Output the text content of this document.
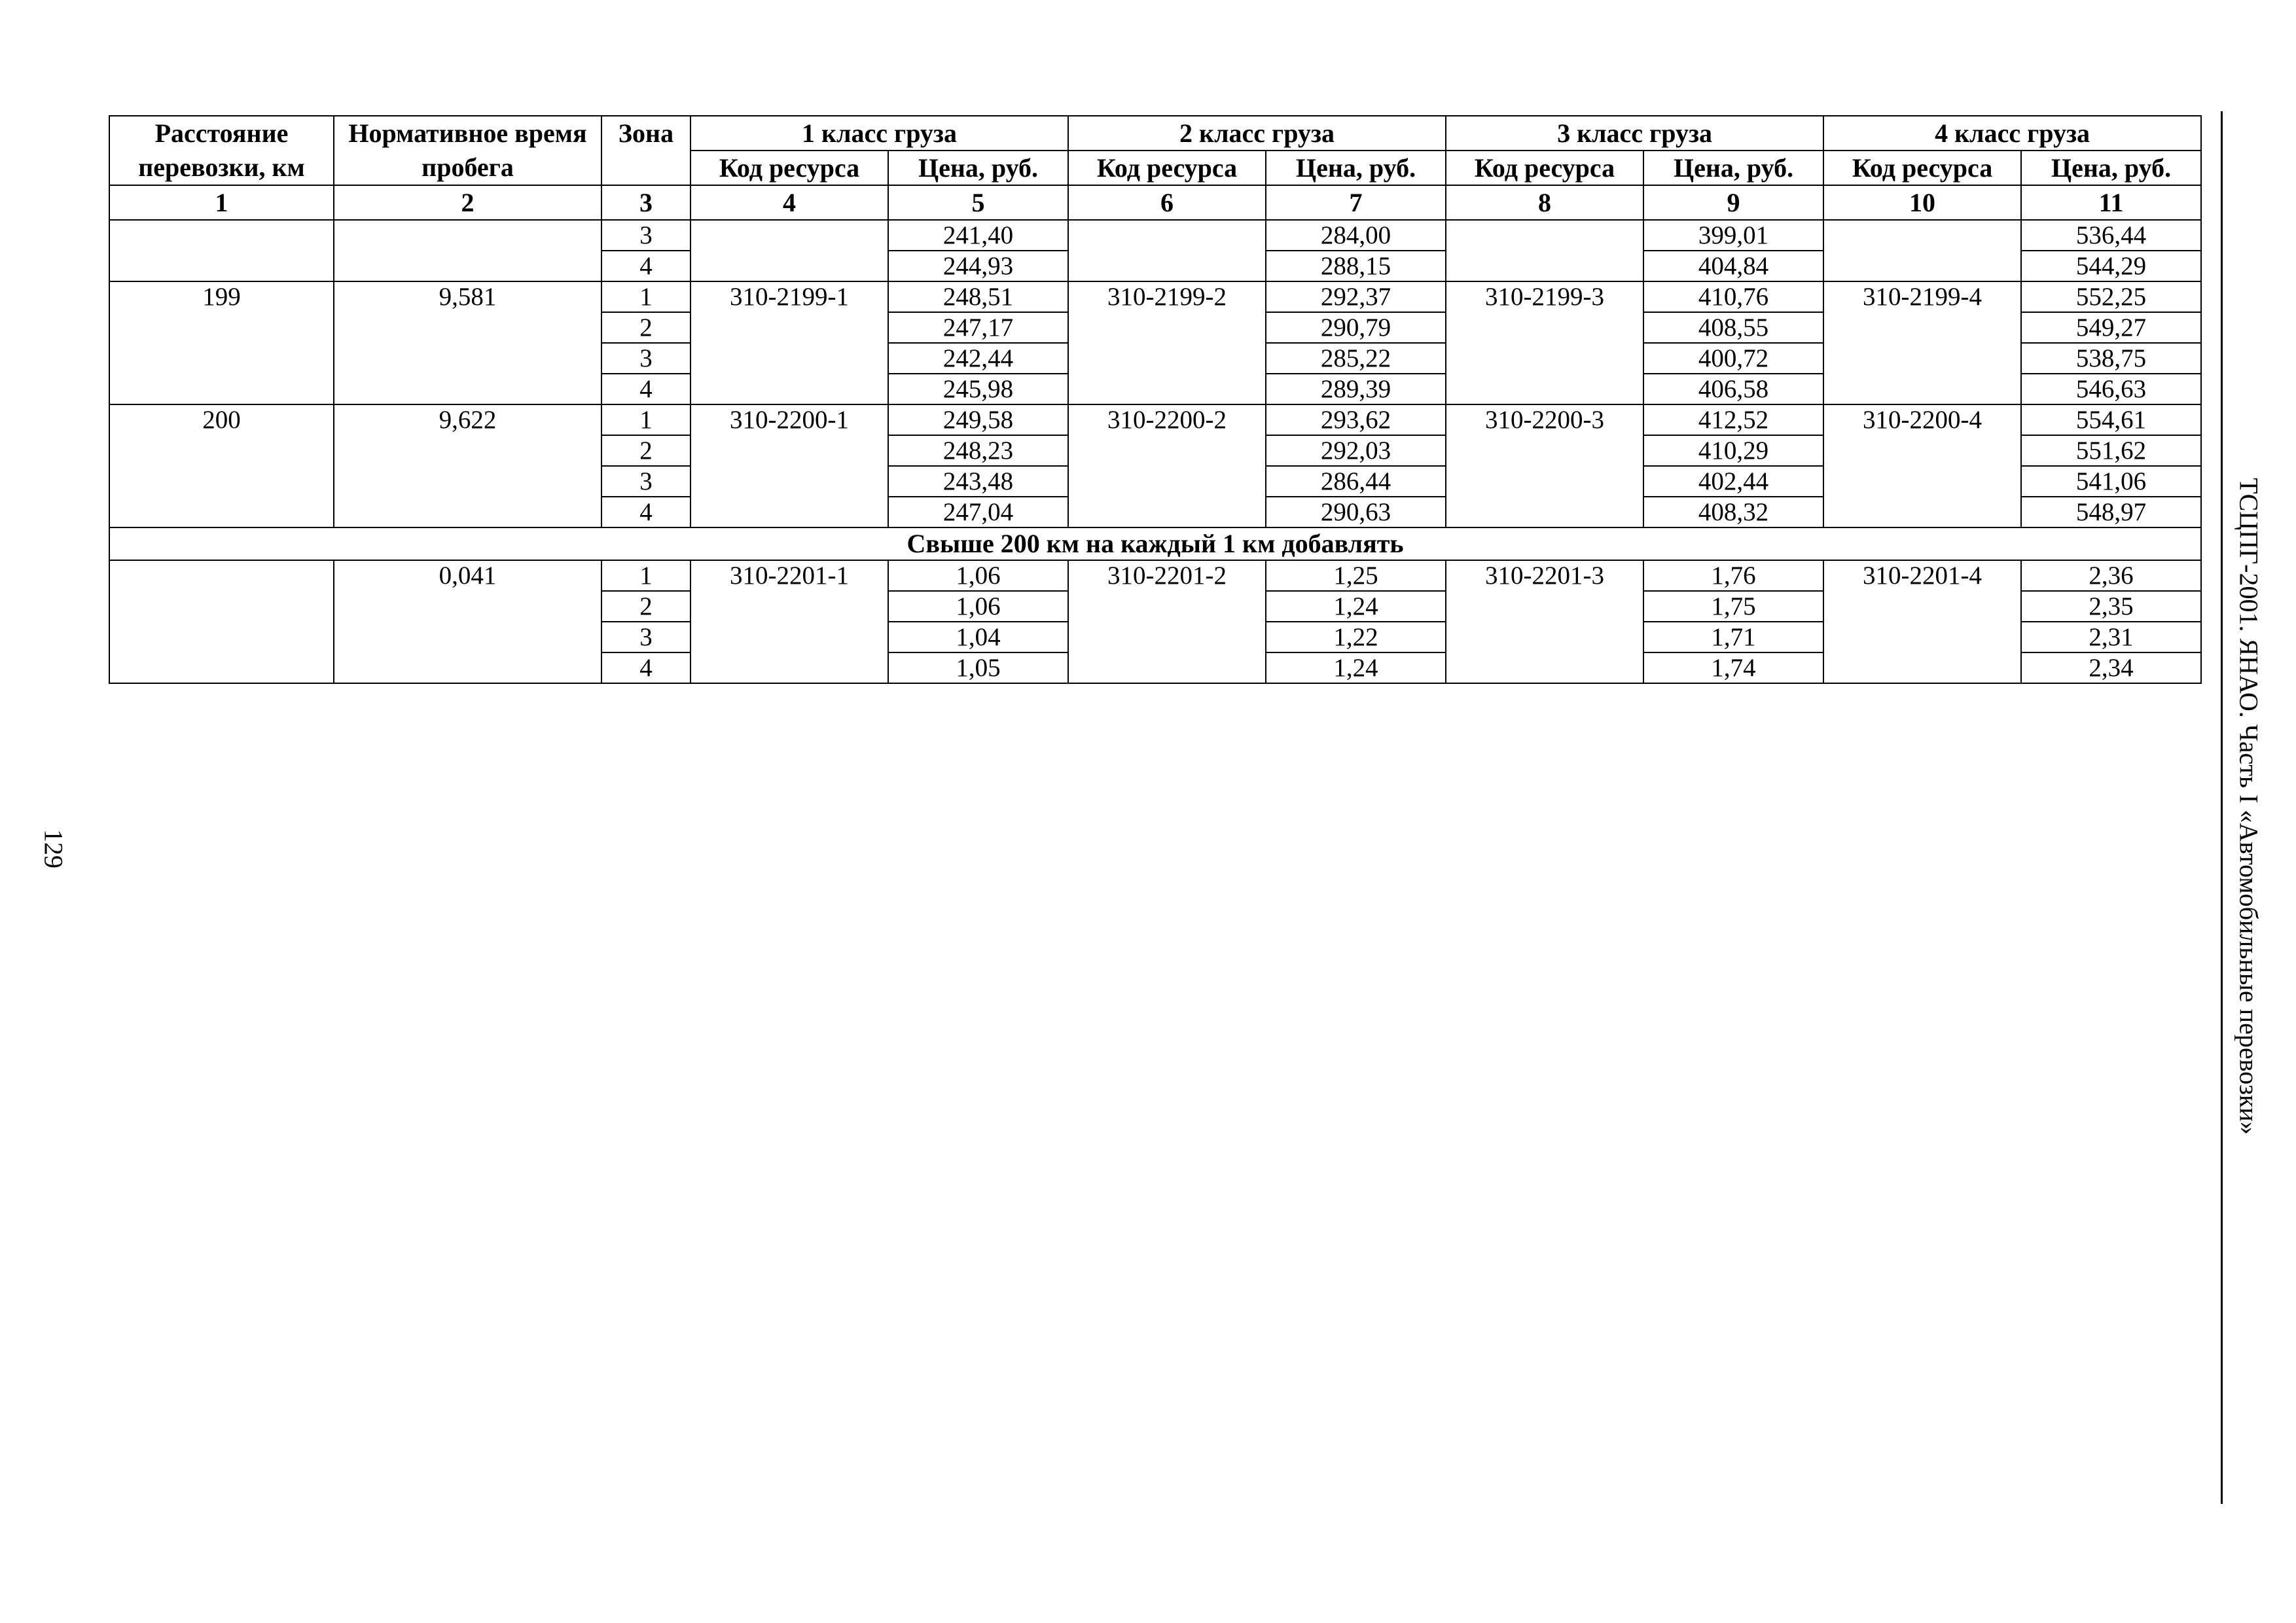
Расстояние перевозки, км	Нормативное время пробега	Зона	1 класс груза		2 класс груза		3 класс груза		4 класс груза	
			Код ресурса	Цена, руб.	Код ресурса	Цена, руб.	Код ресурса	Цена, руб.	Код ресурса	Цена, руб.
1	2	3	4	5	6	7	8	9	10	11
		3		241,40		284,00		399,01		536,44
		4		244,93		288,15		404,84		544,29
199	9,581	1	310-2199-1	248,51	310-2199-2	292,37	310-2199-3	410,76	310-2199-4	552,25
		2		247,17		290,79		408,55		549,27
		3		242,44		285,22		400,72		538,75
		4		245,98		289,39		406,58		546,63
200	9,622	1	310-2200-1	249,58	310-2200-2	293,62	310-2200-3	412,52	310-2200-4	554,61
		2		248,23		292,03		410,29		551,62
		3		243,48		286,44		402,44		541,06
		4		247,04		290,63		408,32		548,97
Свыше 200 км на каждый 1 км добавлять										
	0,041	1	310-2201-1	1,06	310-2201-2	1,25	310-2201-3	1,76	310-2201-4	2,36
		2		1,06		1,24		1,75		2,35
		3		1,04		1,22		1,71		2,31
		4		1,05		1,24		1,74		2,34	ТСЦПГ-2001. ЯНАО. Часть I «Автомобильные перевозки»
129
